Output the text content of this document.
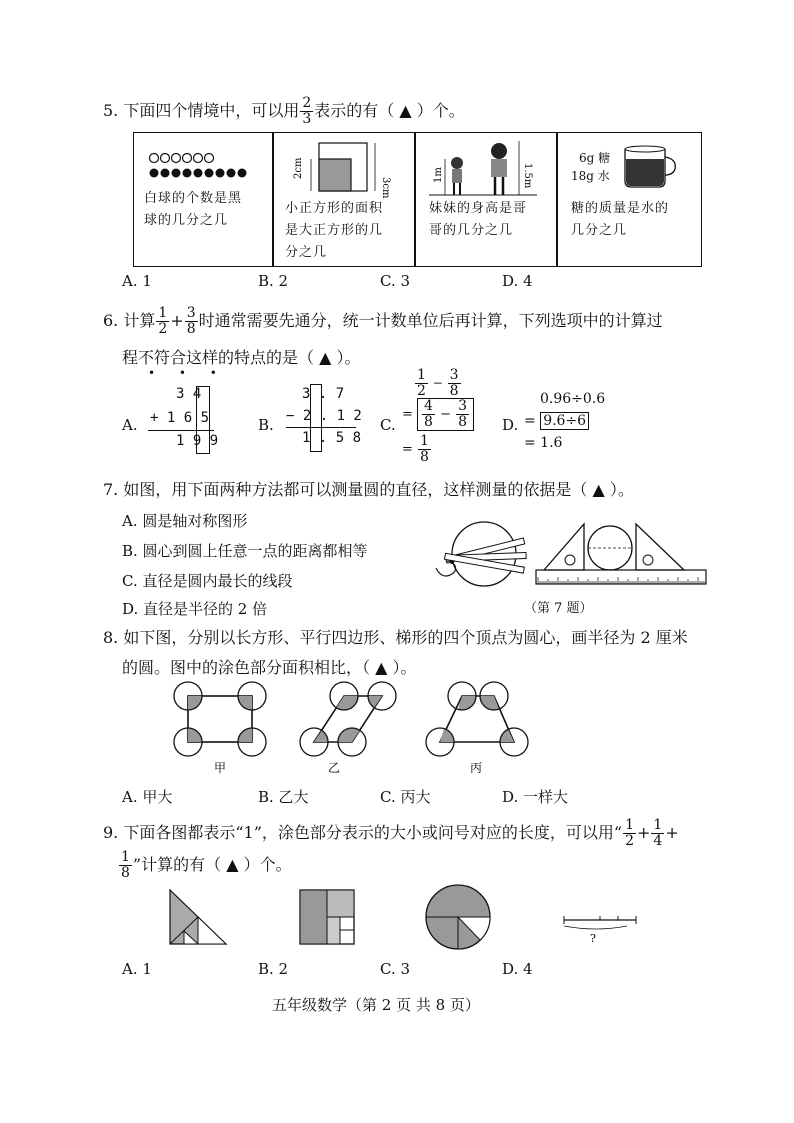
5. 下面四个情境中，可以用 $\frac{2}{3}$ 表示的有（ ▲ ）个。
白球的个数是黑
球的几分之几
2cm
3cm
小正方形的面积
是大正方形的几
分之几
1m	1.5m
妹妹的身高是哥
哥的几分之几
6g 糖
18g 水
糖的质量是水的
几分之几
A. 1	B. 2	C. 3	D. 4
6. 计算 $\frac{1}{2} + \frac{3}{8}$ 时通常需要先通分，统一计数单位后再计算，下列选项中的计算过
程不符合这样的特点的是（ ▲ ）。
• • •
A.
3 4
+ 1 6 5
1 9 9
B.
3 . 7
− 2 . 1 2
1 . 5 8
C.
$\frac{1}{2} - \frac{3}{8}$
= $\frac{4}{8} - \frac{3}{8}$
= $\frac{1}{8}$
D.
0.96÷0.6
= 9.6÷6
= 1.6
7. 如图，用下面两种方法都可以测量圆的直径，这样测量的依据是（ ▲ ）。
A. 圆是轴对称图形
B. 圆心到圆上任意一点的距离都相等
C. 直径是圆内最长的线段
D. 直径是半径的 2 倍	（第 7 题）
8. 如下图，分别以长方形、平行四边形、梯形的四个顶点为圆心，画半径为 2 厘米
的圆。图中的涂色部分面积相比，（ ▲ ）。
甲	乙	丙
A. 甲大	B. 乙大	C. 丙大	D. 一样大
9. 下面各图都表示“1”，涂色部分表示的大小或问号对应的长度，可以用“ $\frac{1}{2} + \frac{1}{4}$ +
$\frac{1}{8}$ ”计算的有（ ▲ ）个。
?
A. 1	B. 2	C. 3	D. 4
五年级数学（第 2 页 共 8 页）
